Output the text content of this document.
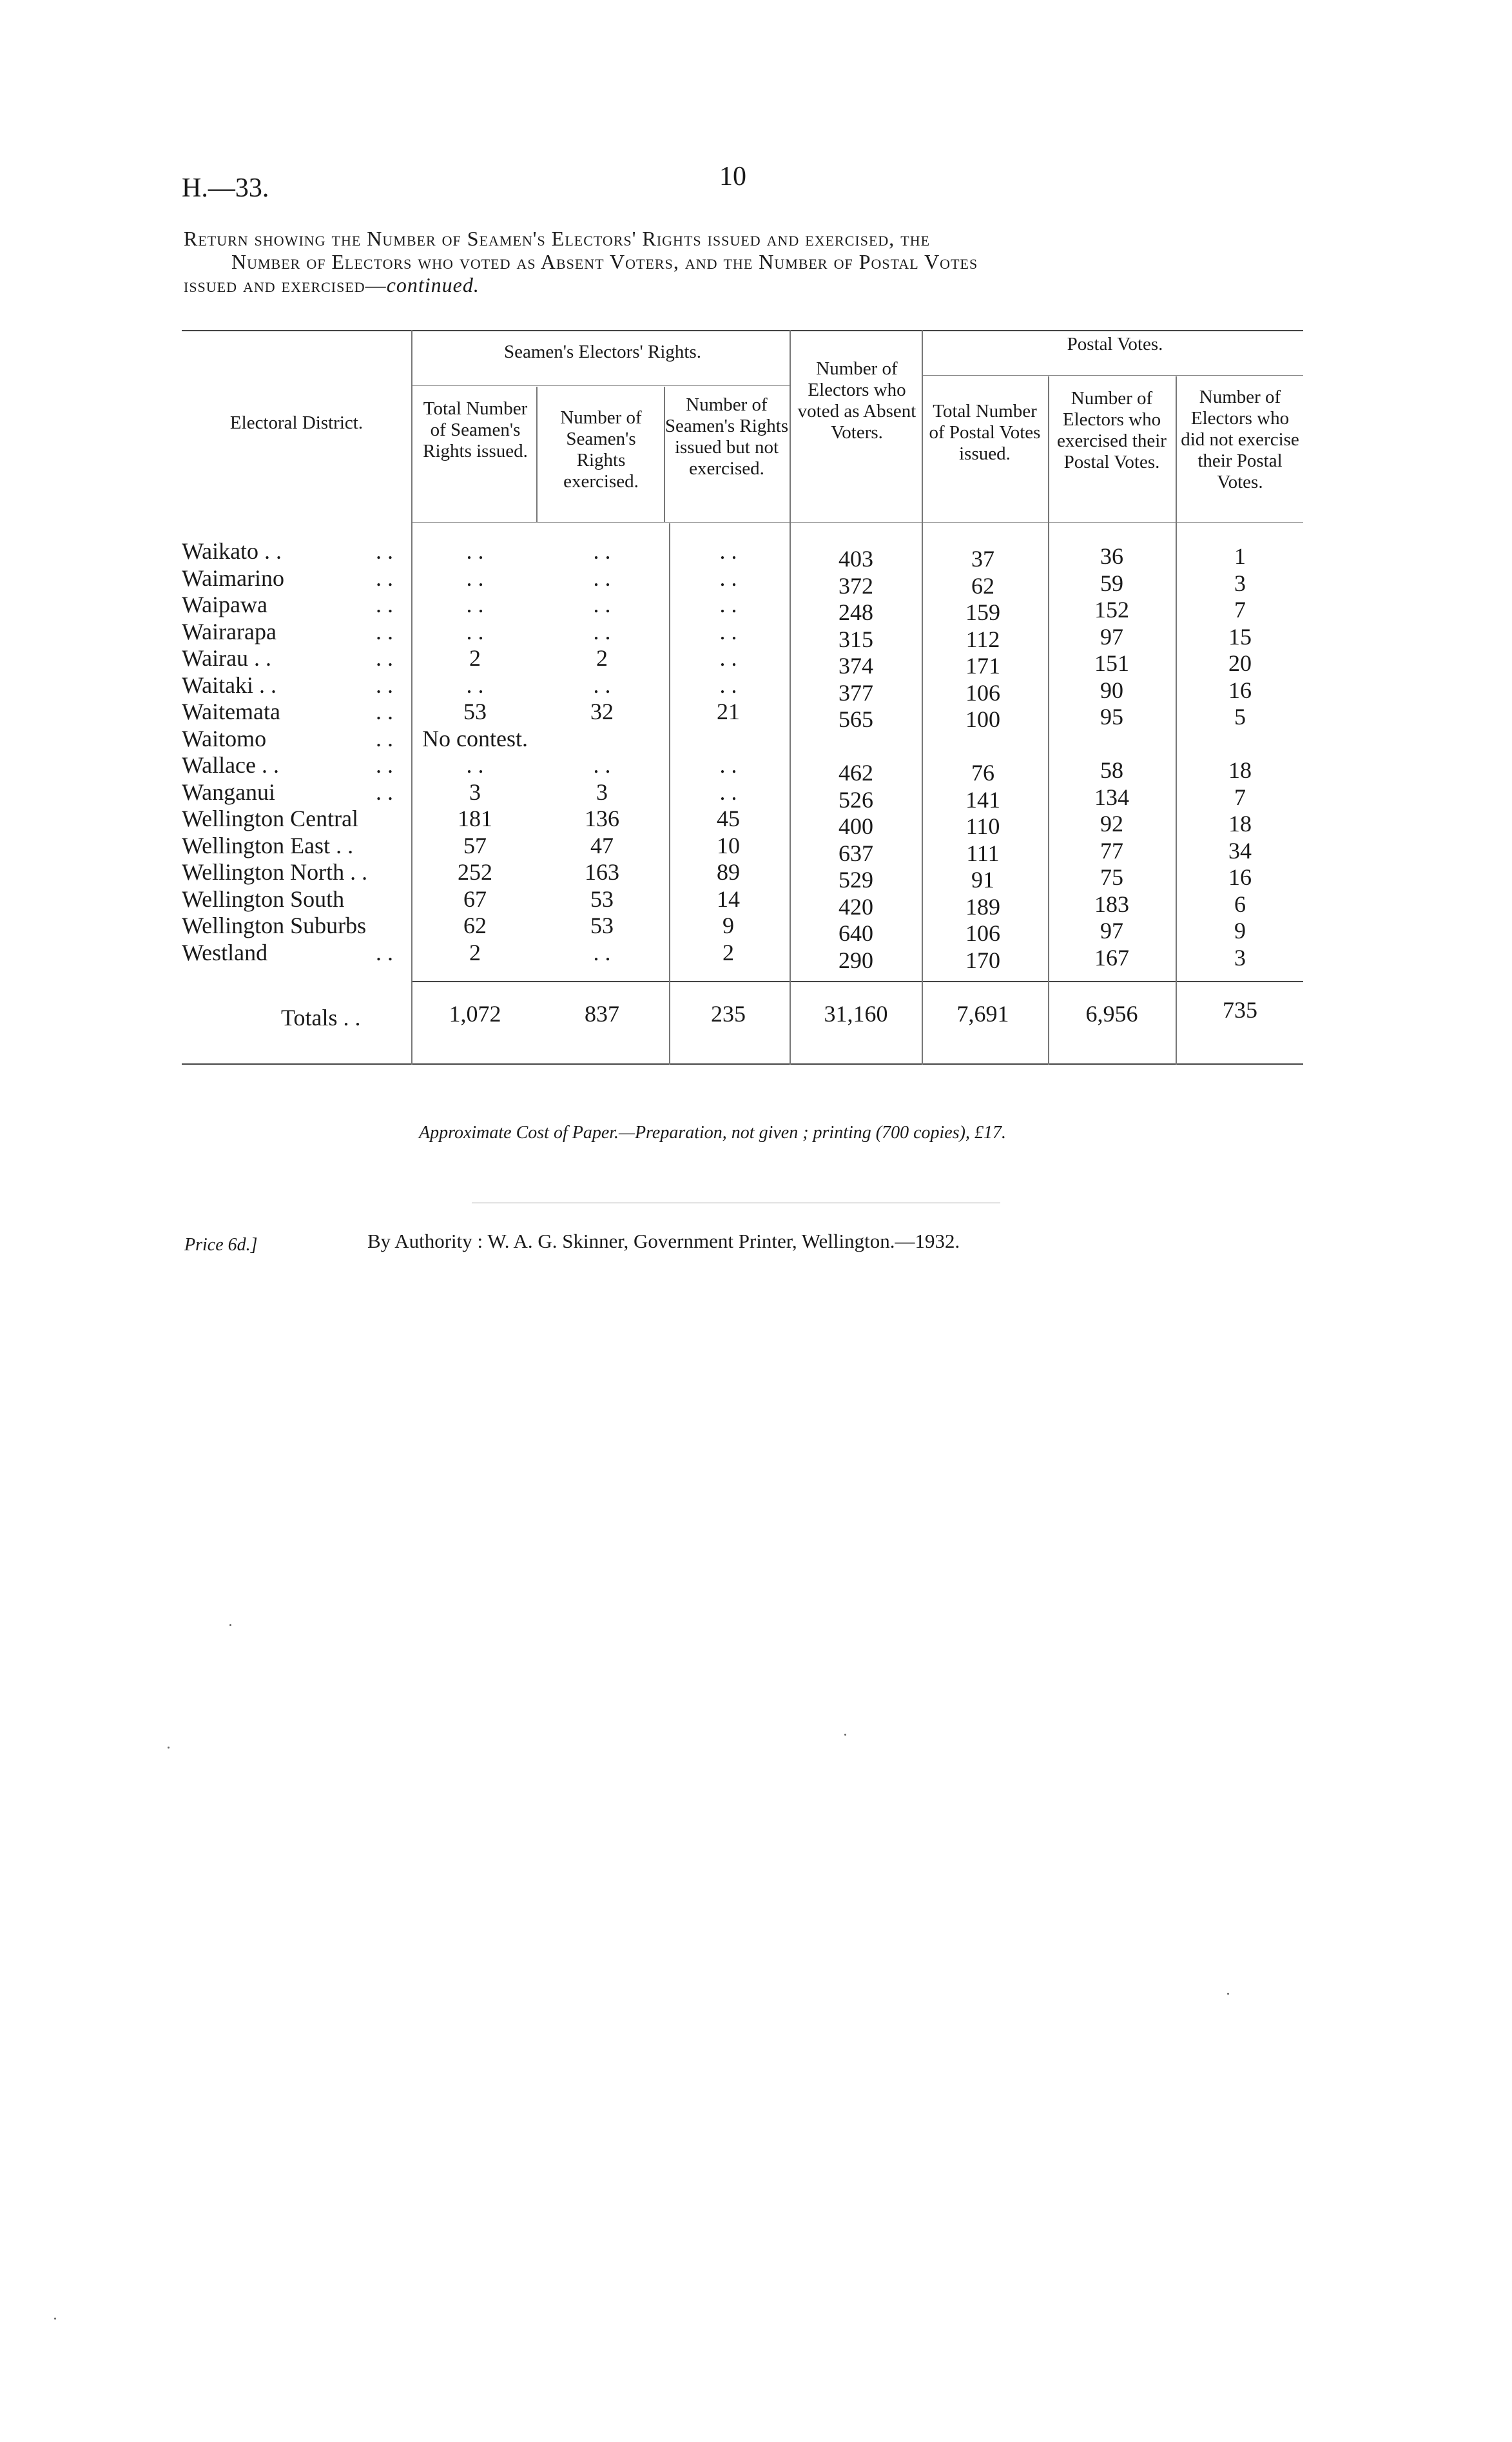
H.—33.	10
Return showing the Number of Seamen's Electors' Rights issued and exercised, the
Number of Electors who voted as Absent Voters, and the Number of Postal Votes
issued and exercised—continued.
Electoral District.
Seamen's Electors' Rights.
Total Number of Seamen's Rights issued.
Number of Seamen's Rights exercised.
Number of Seamen's Rights issued but not exercised.
Number of Electors who voted as Absent Voters.
Postal Votes.
Total Number of Postal Votes issued.
Number of Electors who exercised their Postal Votes.
Number of Electors who did not exercise their Postal Votes.
Waikato . .	. .	. .	. .	. .	403	37	36	1
Waimarino	. .	. .	. .	. .	372	62	59	3
Waipawa	. .	. .	. .	. .	248	159	152	7
Wairarapa	. .	. .	. .	. .	315	112	97	15
Wairau . .	. .	2	2	. .	374	171	151	20
Waitaki . .	. .	. .	. .	. .	377	106	90	16
Waitemata	. .	53	32	21	565	100	95	5
Waitomo	. .	No contest.
Wallace . .	. .	. .	. .	. .	462	76	58	18
Wanganui	. .	3	3	. .	526	141	134	7
Wellington Central	181	136	45	400	110	92	18
Wellington East . .	57	47	10	637	111	77	34
Wellington North . .	252	163	89	529	91	75	16
Wellington South	67	53	14	420	189	183	6
Wellington Suburbs	62	53	9	640	106	97	9
Westland	. .	2	. .	2	290	170	167	3
Totals . .	1,072	837	235	31,160	7,691	6,956	735
Approximate Cost of Paper.—Preparation, not given ; printing (700 copies), £17.
Price 6d.]	By Authority : W. A. G. Skinner, Government Printer, Wellington.—1932.
